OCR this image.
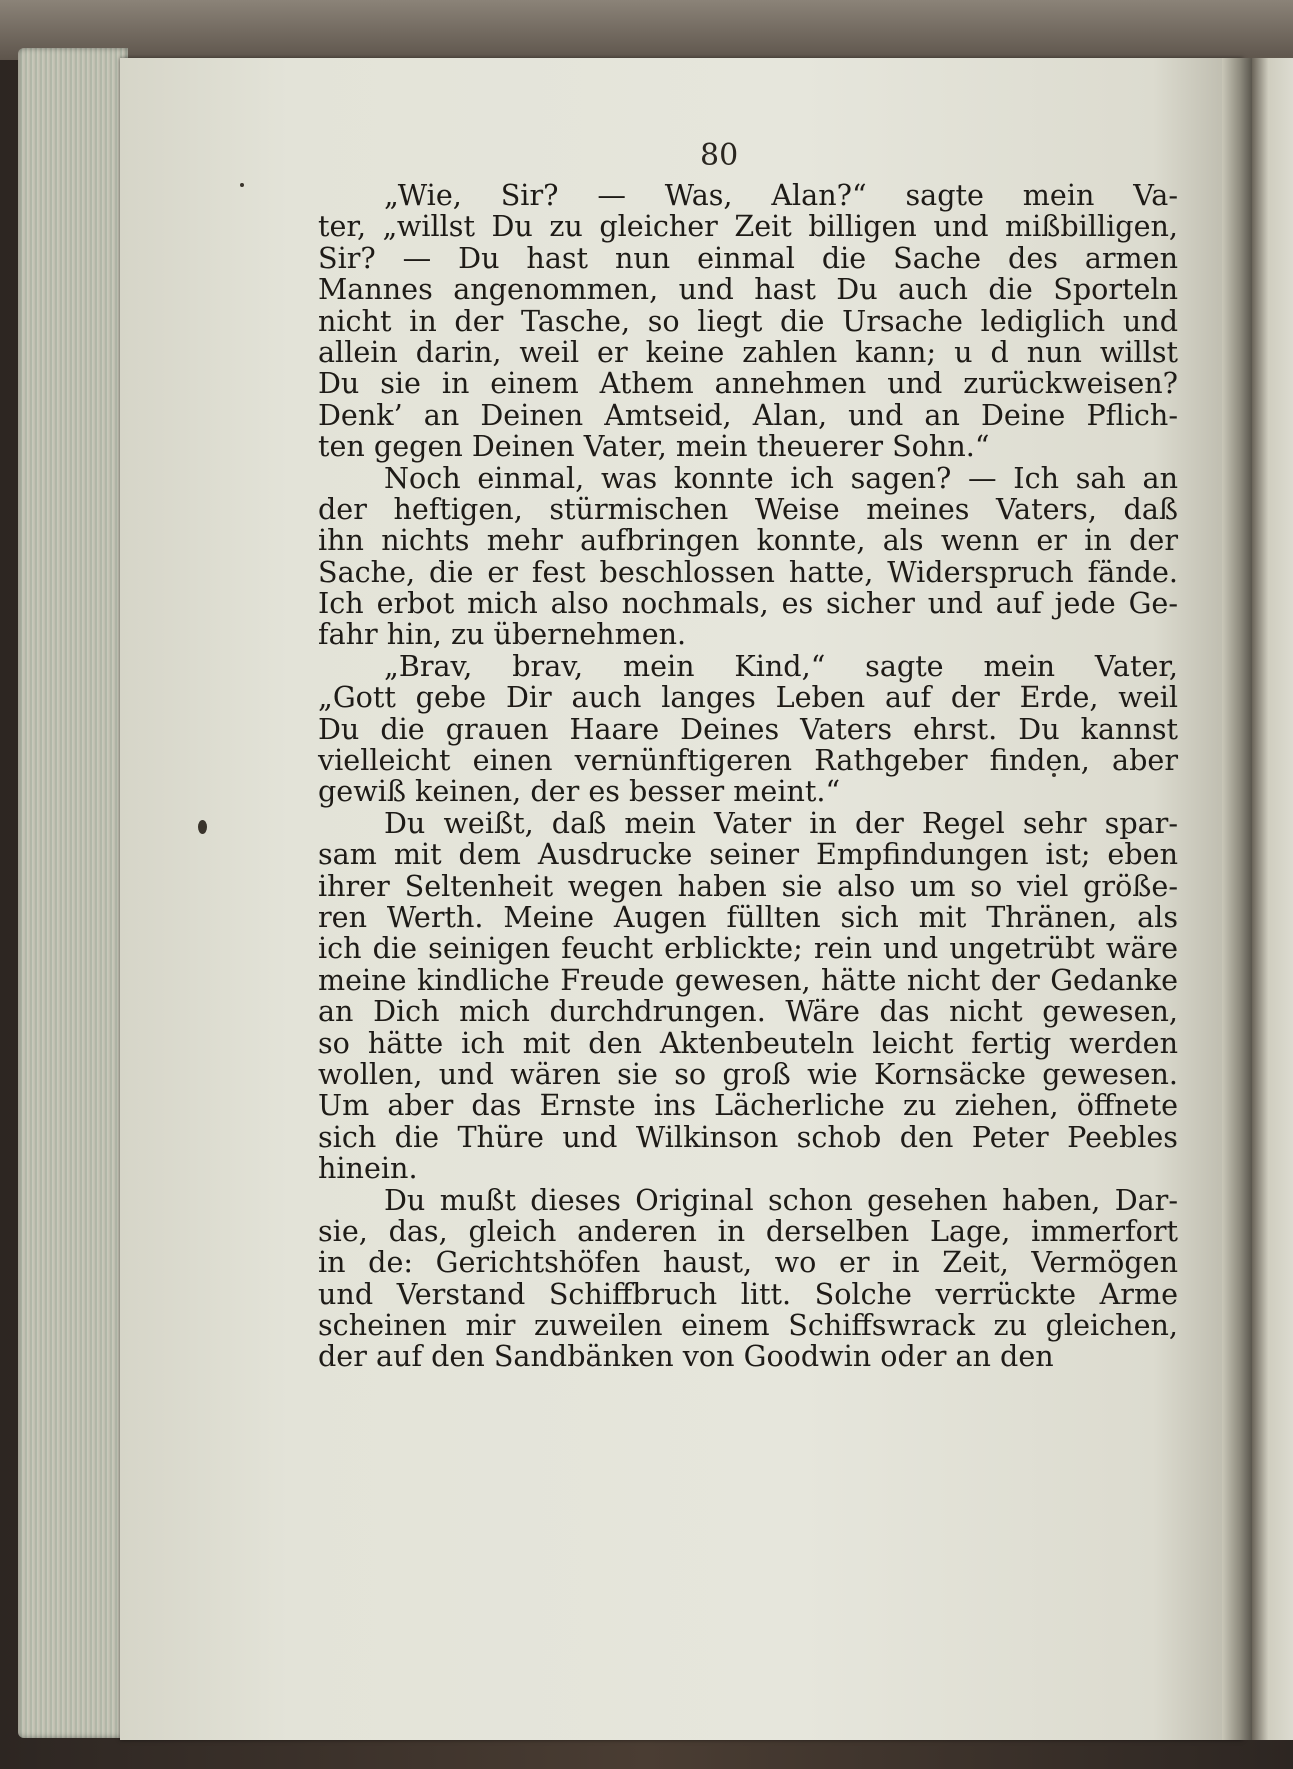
80
„Wie, Sir? — Was, Alan?“ sagte mein Va-
ter, „willst Du zu gleicher Zeit billigen und mißbilligen,
Sir? — Du hast nun einmal die Sache des armen
Mannes angenommen, und hast Du auch die Sporteln
nicht in der Tasche, so liegt die Ursache lediglich und
allein darin, weil er keine zahlen kann; u d nun willst
Du sie in einem Athem annehmen und zurückweisen?
Denk’ an Deinen Amtseid, Alan, und an Deine Pflich-
ten gegen Deinen Vater, mein theuerer Sohn.“
Noch einmal, was konnte ich sagen? — Ich sah an
der heftigen, stürmischen Weise meines Vaters, daß
ihn nichts mehr aufbringen konnte, als wenn er in der
Sache, die er fest beschlossen hatte, Widerspruch fände.
Ich erbot mich also nochmals, es sicher und auf jede Ge-
fahr hin, zu übernehmen.
„Brav, brav, mein Kind,“ sagte mein Vater,
„Gott gebe Dir auch langes Leben auf der Erde, weil
Du die grauen Haare Deines Vaters ehrst. Du kannst
vielleicht einen vernünftigeren Rathgeber finden, aber
gewiß keinen, der es besser meint.“
Du weißt, daß mein Vater in der Regel sehr spar-
sam mit dem Ausdrucke seiner Empfindungen ist; eben
ihrer Seltenheit wegen haben sie also um so viel größe-
ren Werth. Meine Augen füllten sich mit Thränen, als
ich die seinigen feucht erblickte; rein und ungetrübt wäre
meine kindliche Freude gewesen, hätte nicht der Gedanke
an Dich mich durchdrungen. Wäre das nicht gewesen,
so hätte ich mit den Aktenbeuteln leicht fertig werden
wollen, und wären sie so groß wie Kornsäcke gewesen.
Um aber das Ernste ins Lächerliche zu ziehen, öffnete
sich die Thüre und Wilkinson schob den Peter Peebles
hinein.
Du mußt dieses Original schon gesehen haben, Dar-
sie, das, gleich anderen in derselben Lage, immerfort
in de: Gerichtshöfen haust, wo er in Zeit, Vermögen
und Verstand Schiffbruch litt. Solche verrückte Arme
scheinen mir zuweilen einem Schiffswrack zu gleichen,
der auf den Sandbänken von Goodwin oder an den
